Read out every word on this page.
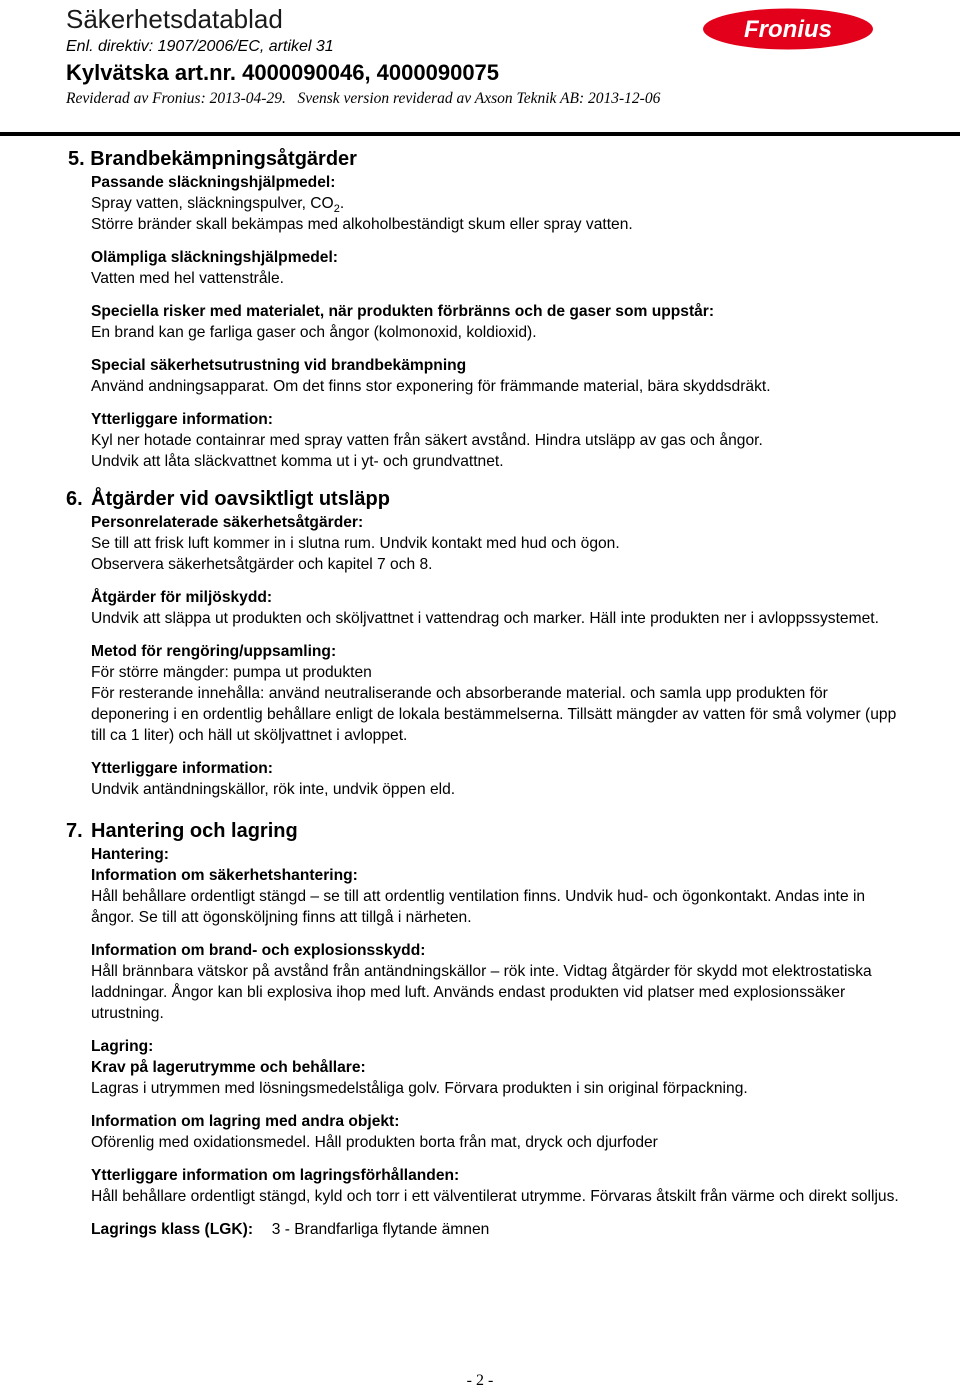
Säkerhetsdatablad
Enl. direktiv: 1907/2006/EC, artikel 31
Kylvätska art.nr. 4000090046, 4000090075
Reviderad av Fronius: 2013-04-29.   Svensk version reviderad av Axson Teknik AB: 2013-12-06
Fronius
5. Brandbekämpningsåtgärder
Passande släckningshjälpmedel:
Spray vatten, släckningspulver, $CO_2$.
Större bränder skall bekämpas med alkoholbeständigt skum eller spray vatten.
Olämpliga släckningshjälpmedel:
Vatten med hel vattenstråle.
Speciella risker med materialet, när produkten förbränns och de gaser som uppstår:
En brand kan ge farliga gaser och ångor (kolmonoxid, koldioxid).
Special säkerhetsutrustning vid brandbekämpning
Använd andningsapparat. Om det finns stor exponering för främmande material, bära skyddsdräkt.
Ytterliggare information:
Kyl ner hotade containrar med spray vatten från säkert avstånd. Hindra utsläpp av gas och ångor.
Undvik att låta släckvattnet komma ut i yt- och grundvattnet.
6. Åtgärder vid oavsiktligt utsläpp
Personrelaterade säkerhetsåtgärder:
Se till att frisk luft kommer in i slutna rum. Undvik kontakt med hud och ögon.
Observera säkerhetsåtgärder och kapitel 7 och 8.
Åtgärder för miljöskydd:
Undvik att släppa ut produkten och sköljvattnet i vattendrag och marker. Häll inte produkten ner i avloppssystemet.
Metod för rengöring/uppsamling:
För större mängder: pumpa ut produkten
För resterande innehålla: använd neutraliserande och absorberande material. och samla upp produkten för deponering i en ordentlig behållare enligt de lokala bestämmelserna. Tillsätt mängder av vatten för små volymer (upp till ca 1 liter) och häll ut sköljvattnet i avloppet.
Ytterliggare information:
Undvik antändningskällor, rök inte, undvik öppen eld.
7. Hantering och lagring
Hantering:
Information om säkerhetshantering:
Håll behållare ordentligt stängd – se till att ordentlig ventilation finns. Undvik hud- och ögonkontakt. Andas inte in ångor. Se till att ögonsköljning finns att tillgå i närheten.
Information om brand- och explosionsskydd:
Håll brännbara vätskor på avstånd från antändningskällor – rök inte. Vidtag åtgärder för skydd mot elektrostatiska laddningar. Ångor kan bli explosiva ihop med luft. Används endast produkten vid platser med explosionssäker utrustning.
Lagring:
Krav på lagerutrymme och behållare:
Lagras i utrymmen med lösningsmedelståliga golv. Förvara produkten i sin original förpackning.
Information om lagring med andra objekt:
Oförenlig med oxidationsmedel. Håll produkten borta från mat, dryck och djurfoder
Ytterliggare information om lagringsförhållanden:
Håll behållare ordentligt stängd, kyld och torr i ett välventilerat utrymme. Förvaras åtskilt från värme och direkt solljus.
Lagrings klass (LGK): 3 - Brandfarliga flytande ämnen
- 2 -
